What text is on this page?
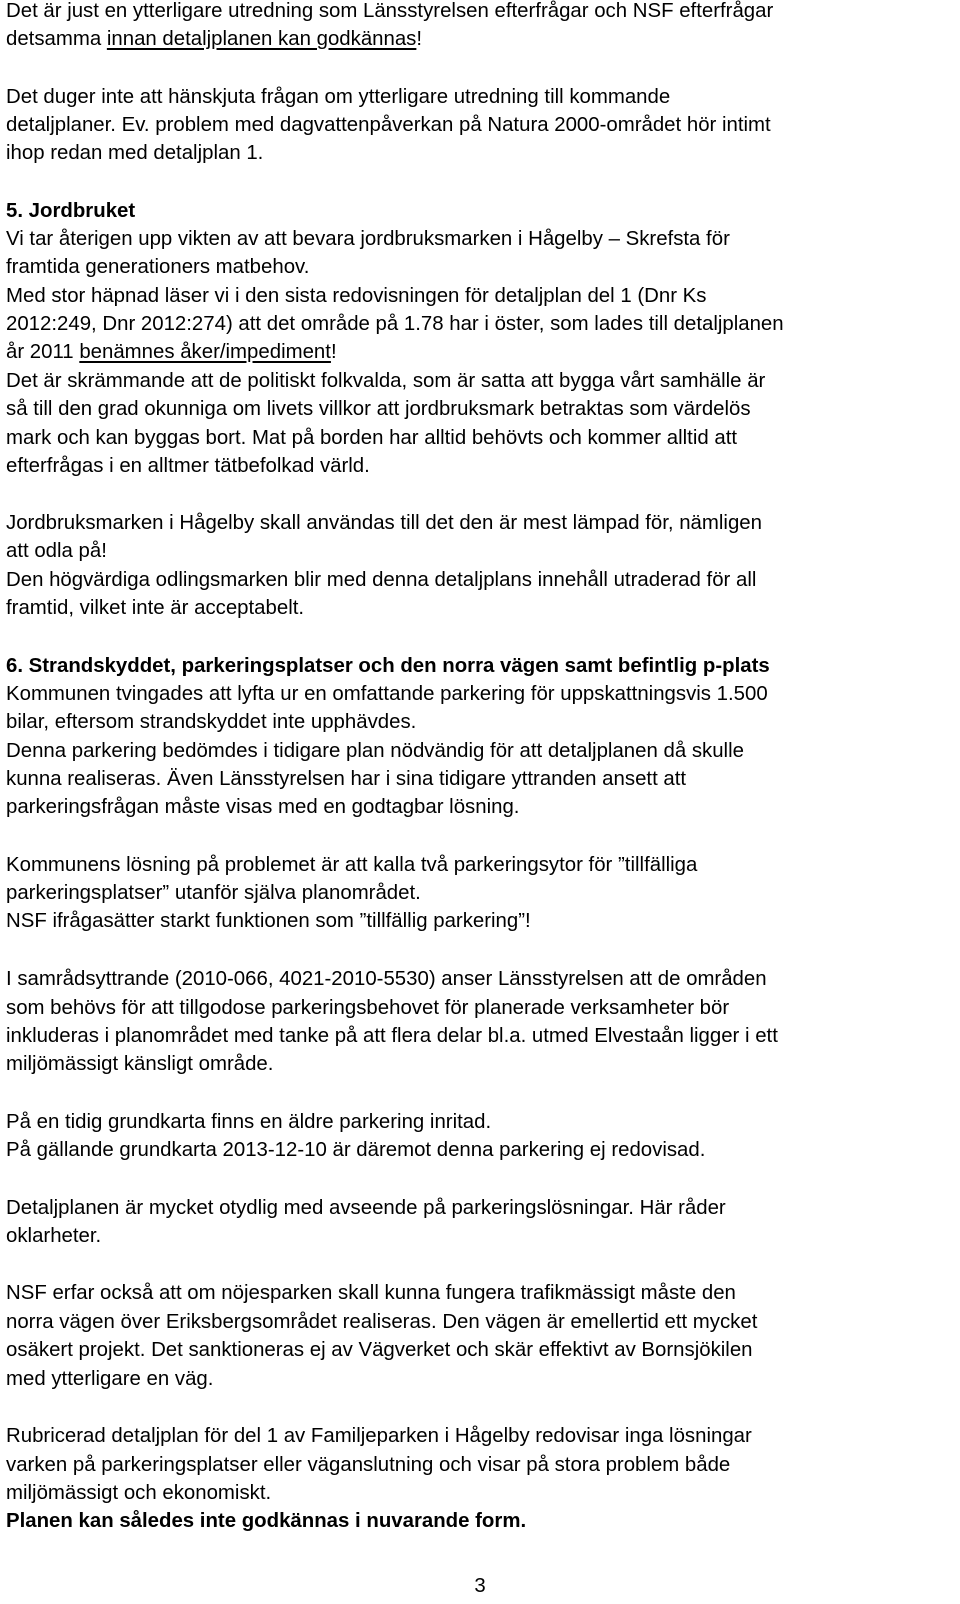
Det är just en ytterligare utredning som Länsstyrelsen efterfrågar och NSF efterfrågar
detsamma innan detaljplanen kan godkännas!
Det duger inte att hänskjuta frågan om ytterligare utredning till kommande
detaljplaner. Ev. problem med dagvattenpåverkan på Natura 2000-området hör intimt
ihop redan med detaljplan 1.
5. Jordbruket
Vi tar återigen upp vikten av att bevara jordbruksmarken i Hågelby – Skrefsta för
framtida generationers matbehov.
Med stor häpnad läser vi i den sista redovisningen för detaljplan del 1 (Dnr Ks
2012:249, Dnr 2012:274) att det område på 1.78 har i öster, som lades till detaljplanen
år 2011 benämnes åker/impediment!
Det är skrämmande att de politiskt folkvalda, som är satta att bygga vårt samhälle är
så till den grad okunniga om livets villkor att jordbruksmark betraktas som värdelös
mark och kan byggas bort. Mat på borden har alltid behövts och kommer alltid att
efterfrågas i en alltmer tätbefolkad värld.
Jordbruksmarken i Hågelby skall användas till det den är mest lämpad för, nämligen
att odla på!
Den högvärdiga odlingsmarken blir med denna detaljplans innehåll utraderad för all
framtid, vilket inte är acceptabelt.
6. Strandskyddet, parkeringsplatser och den norra vägen samt befintlig p-plats
Kommunen tvingades att lyfta ur en omfattande parkering för uppskattningsvis 1.500
bilar, eftersom strandskyddet inte upphävdes.
Denna parkering bedömdes i tidigare plan nödvändig för att detaljplanen då skulle
kunna realiseras. Även Länsstyrelsen har i sina tidigare yttranden ansett att
parkeringsfrågan måste visas med en godtagbar lösning.
Kommunens lösning på problemet är att kalla två parkeringsytor för ”tillfälliga
parkeringsplatser” utanför själva planområdet.
NSF ifrågasätter starkt funktionen som ”tillfällig parkering”!
I samrådsyttrande (2010-066, 4021-2010-5530) anser Länsstyrelsen att de områden
som behövs för att tillgodose parkeringsbehovet för planerade verksamheter bör
inkluderas i planområdet med tanke på att flera delar bl.a. utmed Elvestaån ligger i ett
miljömässigt känsligt område.
På en tidig grundkarta finns en äldre parkering inritad.
På gällande grundkarta 2013-12-10 är däremot denna parkering ej redovisad.
Detaljplanen är mycket otydlig med avseende på parkeringslösningar. Här råder
oklarheter.
NSF erfar också att om nöjesparken skall kunna fungera trafikmässigt måste den
norra vägen över Eriksbergsområdet realiseras. Den vägen är emellertid ett mycket
osäkert projekt. Det sanktioneras ej av Vägverket och skär effektivt av Bornsjökilen
med ytterligare en väg.
Rubricerad detaljplan för del 1 av Familjeparken i Hågelby redovisar inga lösningar
varken på parkeringsplatser eller väganslutning och visar på stora problem både
miljömässigt och ekonomiskt.
Planen kan således inte godkännas i nuvarande form.
3
